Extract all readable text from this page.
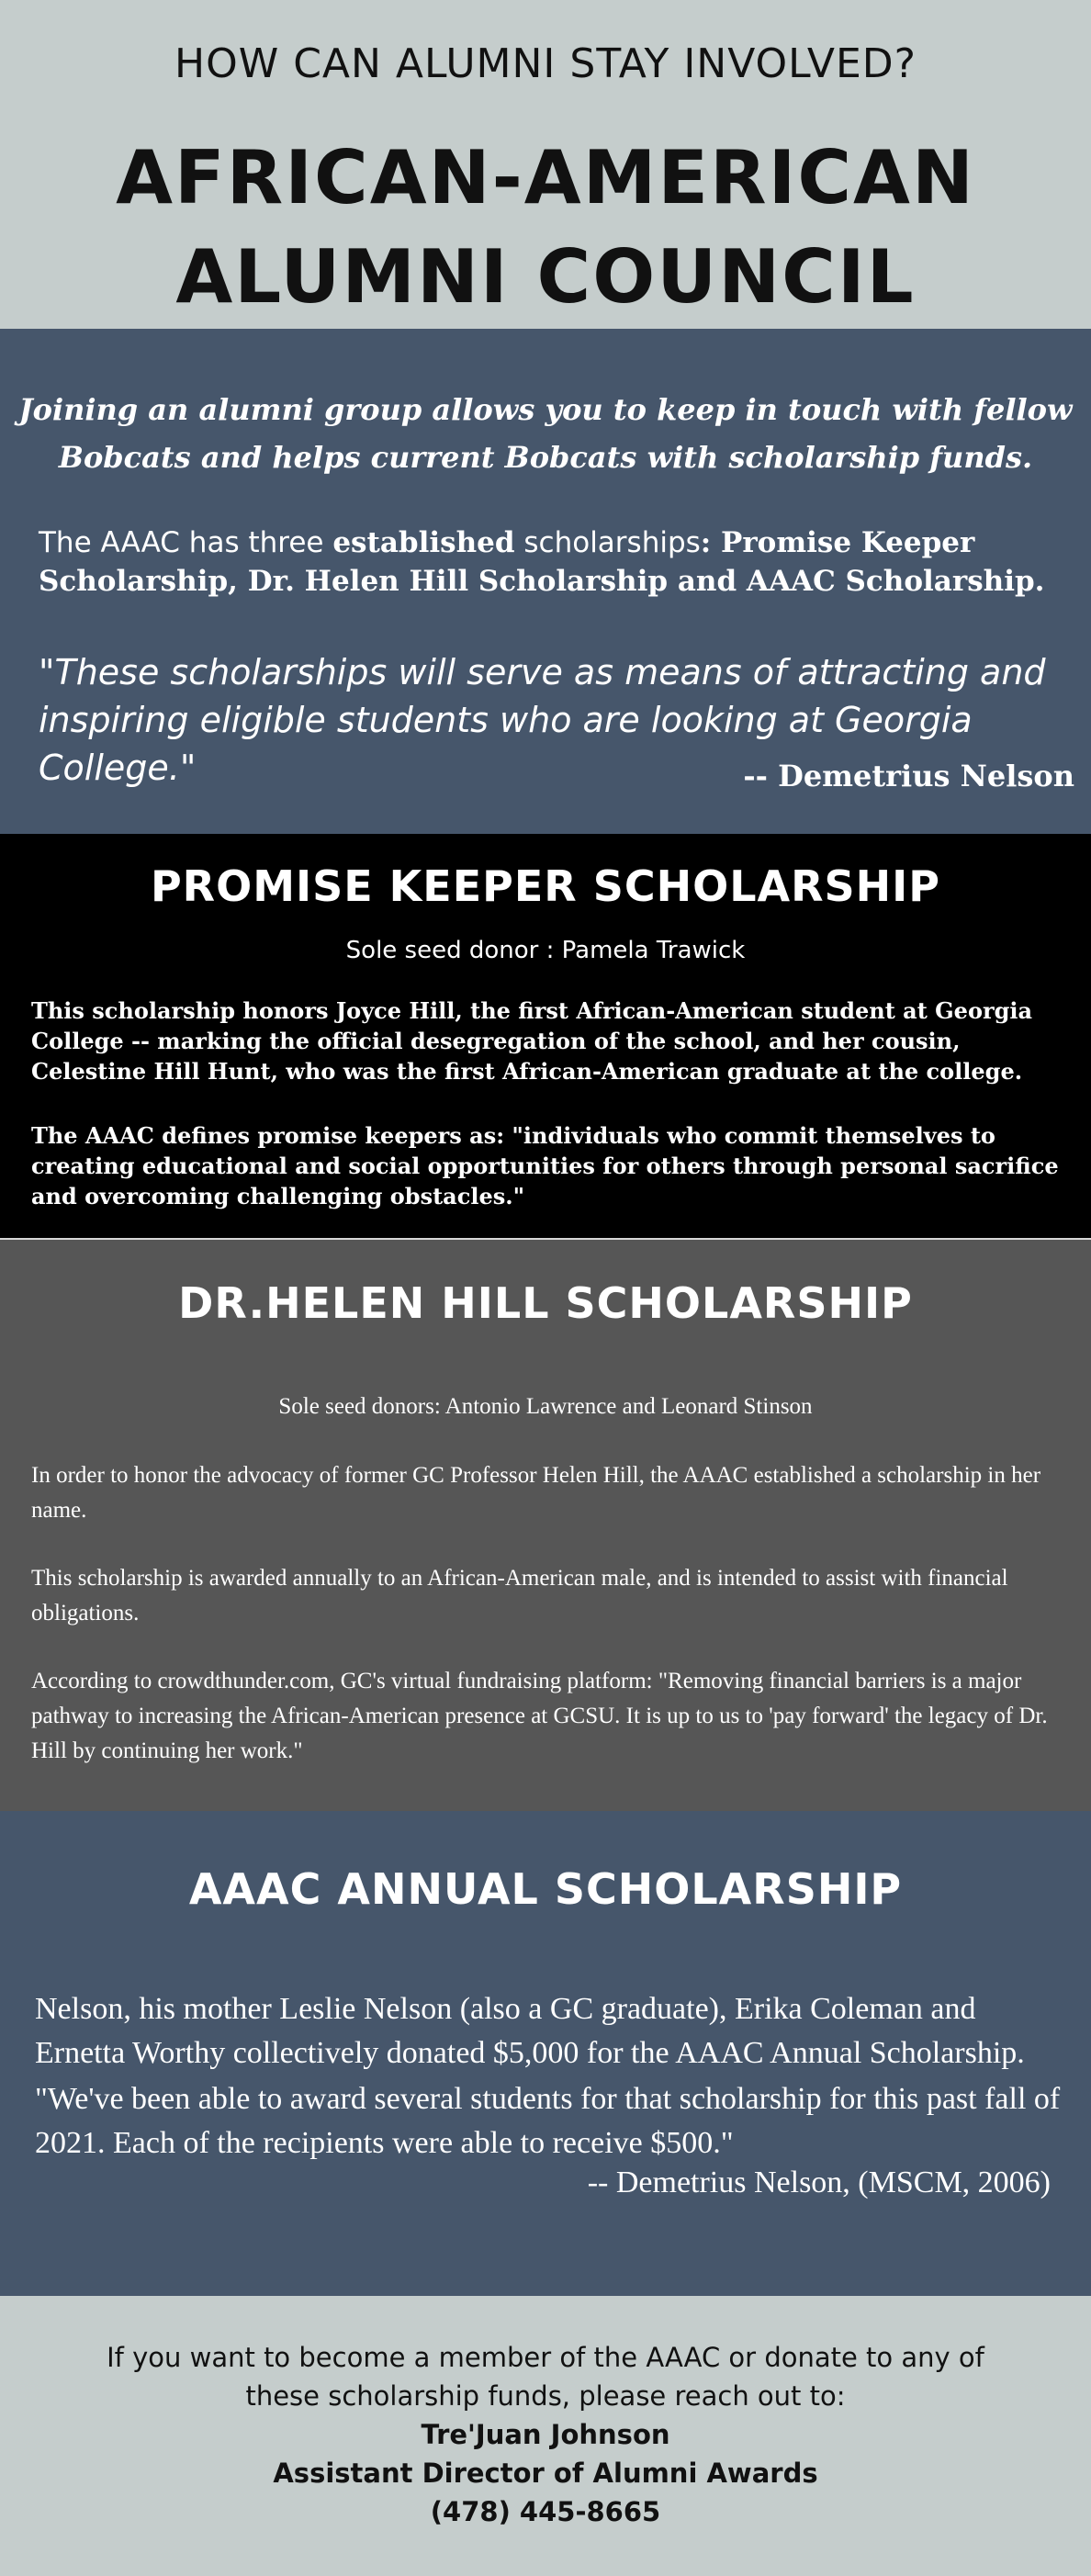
HOW CAN ALUMNI STAY INVOLVED?
AFRICAN-AMERICAN
ALUMNI COUNCIL
Joining an alumni group allows you to keep in touch with fellow Bobcats and helps current Bobcats with scholarship funds.
The AAAC has three established scholarships: Promise Keeper Scholarship, Dr. Helen Hill Scholarship and AAAC Scholarship.
"These scholarships will serve as means of attracting and inspiring eligible students who are looking at Georgia College."	-- Demetrius Nelson
PROMISE KEEPER SCHOLARSHIP
Sole seed donor : Pamela Trawick
This scholarship honors Joyce Hill, the first African-American student at Georgia College -- marking the official desegregation of the school, and her cousin, Celestine Hill Hunt, who was the first African-American graduate at the college.
The AAAC defines promise keepers as: "individuals who commit themselves to creating educational and social opportunities for others through personal sacrifice and overcoming challenging obstacles."
DR.HELEN HILL SCHOLARSHIP
Sole seed donors: Antonio Lawrence and Leonard Stinson
In order to honor the advocacy of former GC Professor Helen Hill, the AAAC established a scholarship in her name.
This scholarship is awarded annually to an African-American male, and is intended to assist with financial obligations.
According to crowdthunder.com, GC's virtual fundraising platform: "Removing financial barriers is a major pathway to increasing the African-American presence at GCSU. It is up to us to 'pay forward' the legacy of Dr. Hill by continuing her work."
AAAC ANNUAL SCHOLARSHIP
Nelson, his mother Leslie Nelson (also a GC graduate), Erika Coleman and Ernetta Worthy collectively donated $5,000 for the AAAC Annual Scholarship.
"We've been able to award several students for that scholarship for this past fall of 2021. Each of the recipients were able to receive $500."
-- Demetrius Nelson, (MSCM, 2006)
If you want to become a member of the AAAC or donate to any of these scholarship funds, please reach out to:
Tre'Juan Johnson
Assistant Director of Alumni Awards
(478) 445-8665
